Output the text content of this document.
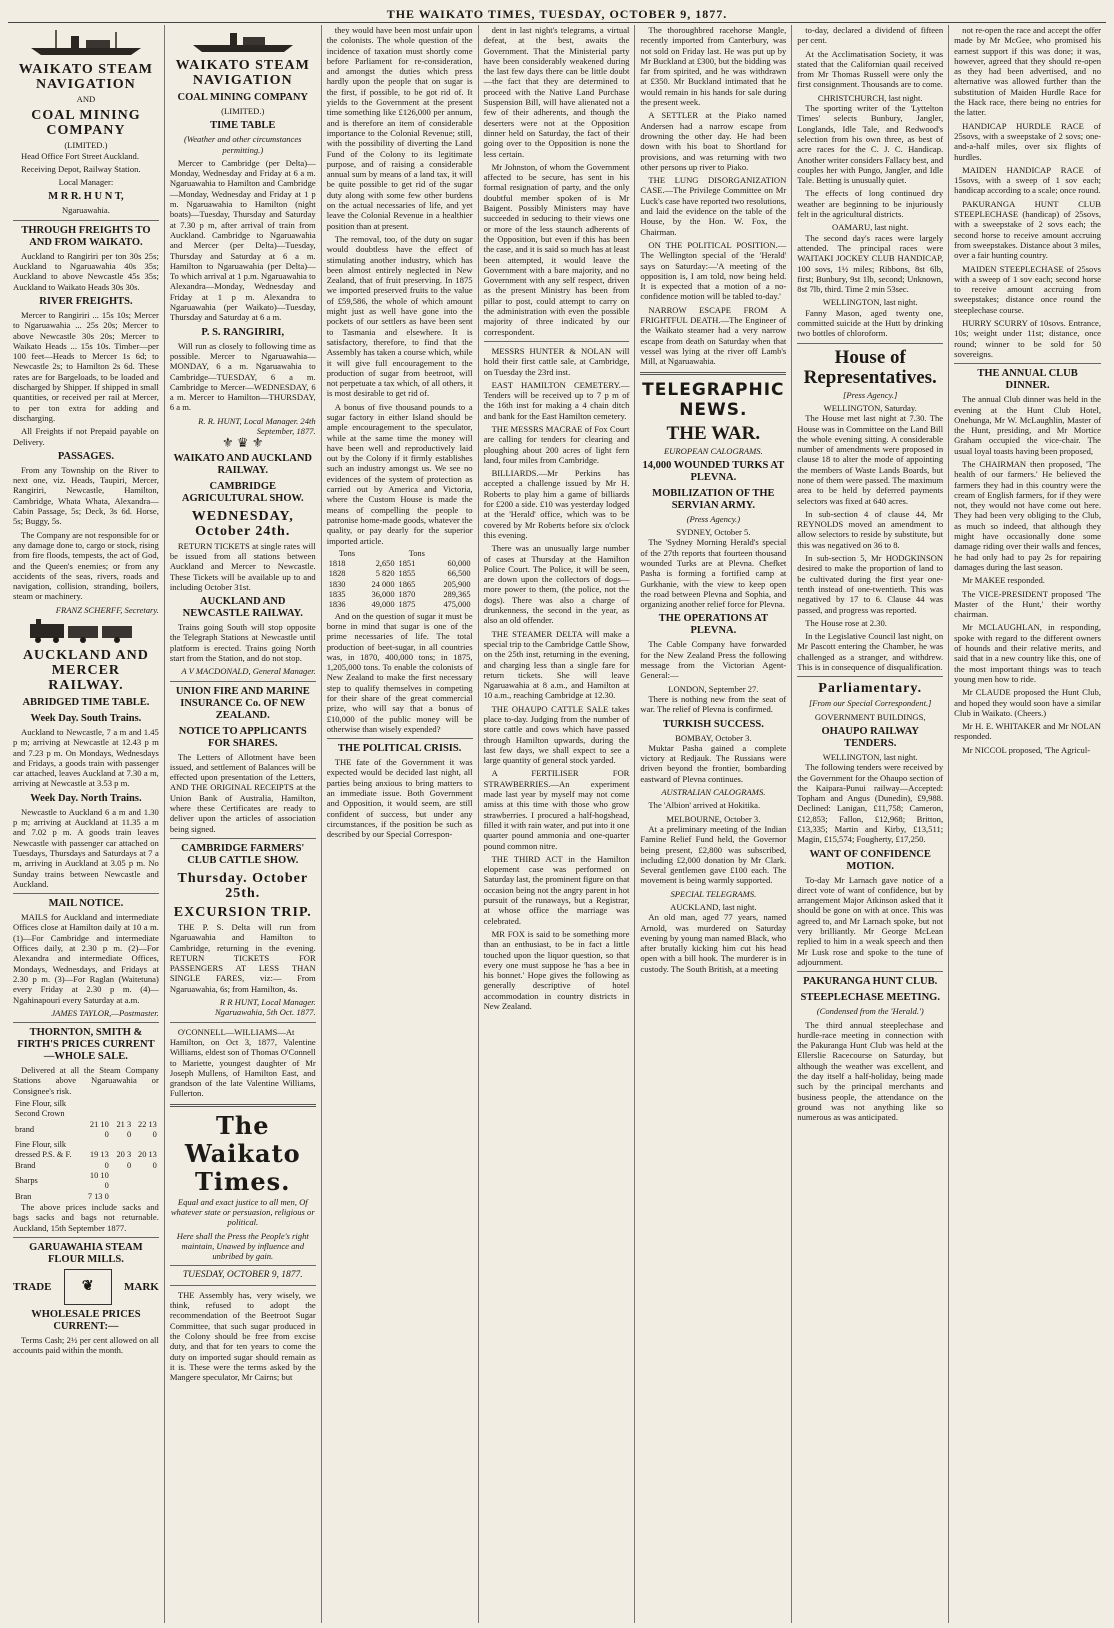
THE WAIKATO TIMES, TUESDAY, OCTOBER 9, 1877.
WAIKATO STEAM NAVIGATION
AND
COAL MINING COMPANY
(LIMITED.)

Head Office Fort Street Auckland.

Receiving Depot, Railway Station.

Local Manager:
M R R. H U N T,
Ngaruawahia.
THROUGH FREIGHTS TO AND FROM WAIKATO.

Auckland to Rangiriri per ton 30s 25s; Auckland to Ngaruawahia 40s 35s; Auckland to above Newcastle 45s 35s; Auckland to Waikato Heads 30s 30s.

RIVER FREIGHTS.

Mercer to Rangiriri ... 15s 10s; Mercer to Ngaruawahia ... 25s 20s; Mercer to above Newcastle 30s 20s; Mercer to Waikato Heads ... 15s 10s. Timber—per 100 feet—Heads to Mercer 1s 6d; to Newcastle 2s; to Hamilton 2s 6d. These rates are for Bargeloads, to be loaded and discharged by Shipper. If shipped in small quantities, or received per rail at Mercer, to per ton extra for adding and discharging.

All Freights if not Prepaid payable on Delivery.

PASSAGES.

From any Township on the River to next one, viz. Heads, Taupiri, Mercer, Rangiriri, Newcastle, Hamilton, Cambridge, Whata Whata, Alexandra—Cabin Passage, 5s; Deck, 3s 6d. Horse, 5s; Buggy, 5s.

The Company are not responsible for or any damage done to, cargo or stock, rising from fire floods, tempests, the act of God, and the Queen's enemies; or from any accidents of the seas, rivers, roads and navigation, collision, stranding, boilers, steam or machinery.

FRANZ SCHERFF, Secretary.
AUCKLAND AND MERCER RAILWAY.
ABRIDGED TIME TABLE.
Week Day. South Trains.

Auckland to Newcastle, 7 a m and 1.45 p m; arriving at Newcastle at 12.43 p m and 7.23 p m. On Mondays, Wednesdays and Fridays, a goods train with passenger car attached, leaves Auckland at 7.30 a m, arriving at Newcastle at 3.53 p m.

Week Day. North Trains.

Newcastle to Auckland 6 a m and 1.30 p m; arriving at Auckland at 11.35 a m and 7.02 p m. A goods train leaves Newcastle with passenger car attached on Tuesdays, Thursdays and Saturdays at 7 a m, arriving in Auckland at 3.05 p m. No Sunday trains between Newcastle and Auckland.

MAIL NOTICE.

MAILS for Auckland and intermediate Offices close at Hamilton daily at 10 a m. (1)—For Cambridge and intermediate Offices daily, at 2.30 p m. (2)—For Alexandra and intermediate Offices, Mondays, Wednesdays, and Fridays at 2.30 p m. (3)—For Raglan (Waitetuna) every Friday at 2.30 p m. (4)—Ngahinapouri every Saturday at a.m.

JAMES TAYLOR,—Postmaster.
THORNTON, SMITH & FIRTH'S PRICES CURRENT—WHOLE SALE.

Delivered at all the Steam Company Stations above Ngaruawahia or Consignee's risk.

Fine Flour, silk			
Second Crown			
brand	21 10 0	21 3 0	22 13 0
Fine Flour, silk			
dressed P.S. & F. Brand	19 13 0	20 3 0	20 13 0
Sharps	10 10 0		
Bran	7 13 0		

The above prices include sacks and bags sacks and bags not returnable. Auckland, 15th September 1877.

GARUAWAHIA STEAM FLOUR MILLS.
TRADE	❦	MARK
WHOLESALE PRICES CURRENT:—

Terms Cash; 2½ per cent allowed on all accounts paid within the month.

WAIKATO STEAM NAVIGATION
COAL MINING COMPANY
(LIMITED.)
TIME TABLE
(Weather and other circumstances permitting.)

Mercer to Cambridge (per Delta)—Monday, Wednesday and Friday at 6 a m. Ngaruawahia to Hamilton and Cambridge—Monday, Wednesday and Friday at 1 p m. Ngaruawahia to Hamilton (night boats)—Tuesday, Thursday and Saturday at 7.30 p m, after arrival of train from Auckland. Cambridge to Ngaruawahia and Mercer (per Delta)—Tuesday, Thursday and Saturday at 6 a m. Hamilton to Ngaruawahia (per Delta)—To which arrival at 1 p.m. Ngaruawahia to Alexandra—Monday, Wednesday and Friday at 1 p m. Alexandra to Ngaruawahia (per Waikato)—Tuesday, Thursday and Saturday at 6 a m.

P. S. RANGIRIRI,

Will run as closely to following time as possible. Mercer to Ngaruawahia—MONDAY, 6 a m. Ngaruawahia to Cambridge—TUESDAY, 6 a m. Cambridge to Mercer—WEDNESDAY, 6 a m. Mercer to Hamilton—THURSDAY, 6 a m.

R. R. HUNT, Local Manager. 24th September, 1877.
⚜ ♛ ⚜
WAIKATO AND AUCKLAND RAILWAY.
CAMBRIDGE AGRICULTURAL SHOW.
WEDNESDAY, October 24th.

RETURN TICKETS at single rates will be issued from all stations between Auckland and Mercer to Newcastle. These Tickets will be available up to and including October 31st.

AUCKLAND AND NEWCASTLE RAILWAY.

Trains going South will stop opposite the Telegraph Stations at Newcastle until platform is erected. Trains going North start from the Station, and do not stop.

A V MACDONALD, General Manager.
UNION FIRE AND MARINE INSURANCE Co. OF NEW ZEALAND.
NOTICE TO APPLICANTS FOR SHARES.

The Letters of Allotment have been issued, and settlement of Balances will be effected upon presentation of the Letters, AND THE ORIGINAL RECEIPTS at the Union Bank of Australia, Hamilton, where these Certificates are ready to deliver upon the articles of association being signed.

CAMBRIDGE FARMERS' CLUB CATTLE SHOW.
Thursday. October 25th.
EXCURSION TRIP.

THE P. S. Delta will run from Ngaruawahia and Hamilton to Cambridge, returning in the evening. RETURN TICKETS FOR PASSENGERS AT LESS THAN SINGLE FARES, viz:— From Ngaruawahia, 6s; from Hamilton, 4s.

R R HUNT, Local Manager. Ngaruawahia, 5th Oct. 1877.

O'CONNELL—WILLIAMS—At Hamilton, on Oct 3, 1877, Valentine Williams, eldest son of Thomas O'Connell to Mariette, youngest daughter of Mr Joseph Mullens, of Hamilton East, and grandson of the late Valentine Williams, Fullerton.

The Waikato Times.
Equal and exact justice to all men, Of whatever state or persuasion, religious or political.
Here shall the Press the People's right maintain, Unawed by influence and unbribed by gain.
TUESDAY, OCTOBER 9, 1877.

THE Assembly has, very wisely, we think, refused to adopt the recommendation of the Beetroot Sugar Committee, that such sugar produced in the Colony should be free from excise duty, and that for ten years to come the duty on imported sugar should remain as it is. These were the terms asked by the Mangere speculator, Mr Cairns; but

they would have been most unfair upon the colonists. The whole question of the incidence of taxation must shortly come before Parliament for re-consideration, and amongst the duties which press hardly upon the people that on sugar is the first, if possible, to be got rid of. It yields to the Government at the present time something like £126,000 per annum, and is therefore an item of considerable importance to the Colonial Revenue; still, with the possibility of diverting the Land Fund of the Colony to its legitimate purpose, and of raising a considerable annual sum by means of a land tax, it will be quite possible to get rid of the sugar duty along with some few other burdens on the actual necessaries of life, and yet leave the Colonial Revenue in a healthier position than at present.

The removal, too, of the duty on sugar would doubtless have the effect of stimulating another industry, which has been almost entirely neglected in New Zealand, that of fruit preserving. In 1875 we imported preserved fruits to the value of £59,586, the whole of which amount might just as well have gone into the pockets of our settlers as have been sent to Tasmania and elsewhere. It is satisfactory, therefore, to find that the Assembly has taken a course which, while it will give full encouragement to the production of sugar from beetroot, will not perpetuate a tax which, of all others, it is most desirable to get rid of.

A bonus of five thousand pounds to a sugar factory in either Island should be ample encouragement to the speculator, while at the same time the money will have been well and reproductively laid out by the Colony if it firmly establishes such an industry amongst us. We see no evidences of the system of protection as carried out by America and Victoria, where the Custom House is made the means of compelling the people to patronise home-made goods, whatever the quality, or pay dearly for the superior imported article.

Tons		Tons	
1818	2,650	1851	60,000
1828	5 820	1855	66,500
1830	24 000	1865	205,900
1835	36,000	1870	289,365
1836	49,000	1875	475,000

And on the question of sugar it must be borne in mind that sugar is one of the prime necessaries of life. The total production of beet-sugar, in all countries was, in 1870, 400,000 tons; in 1875, 1,205,000 tons. To enable the colonists of New Zealand to make the first necessary step to qualify themselves in competing for their share of the great commercial prize, who will say that a bonus of £10,000 of the public money will be otherwise than wisely expended?

THE POLITICAL CRISIS.

THE fate of the Government it was expected would be decided last night, all parties being anxious to bring matters to an immediate issue. Both Government and Opposition, it would seem, are still confident of success, but under any circumstances, if the position be such as described by our Special Correspon-

dent in last night's telegrams, a virtual defeat, at the best, awaits the Government. That the Ministerial party have been considerably weakened during the last few days there can be little doubt—the fact that they are determined to proceed with the Native Land Purchase Suspension Bill, will have alienated not a few of their adherents, and though the deserters were not at the Opposition dinner held on Saturday, the fact of their going over to the Opposition is none the less certain.

Mr Johnston, of whom the Government affected to be secure, has sent in his formal resignation of party, and the only doubtful member spoken of is Mr Baigent. Possibly Ministers may have succeeded in seducing to their views one or more of the less staunch adherents of the Opposition, but even if this has been the case, and it is said so much has at least been attempted, it would leave the Government with a bare majority, and no Government with any self respect, driven as the present Ministry has been from pillar to post, could attempt to carry on the administration with even the possible majority of three indicated by our correspondent.

MESSRS HUNTER & NOLAN will hold their first cattle sale, at Cambridge, on Tuesday the 23rd inst.

EAST HAMILTON CEMETERY.—Tenders will be received up to 7 p m of the 16th inst for making a 4 chain ditch and bank for the East Hamilton cemetery.

THE MESSRS MACRAE of Fox Court are calling for tenders for clearing and ploughing about 200 acres of light fern land, four miles from Cambridge.

BILLIARDS.—Mr Perkins has accepted a challenge issued by Mr H. Roberts to play him a game of billiards for £200 a side. £10 was yesterday lodged at the 'Herald' office, which was to be covered by Mr Roberts before six o'clock this evening.

There was an unusually large number of cases at Thursday at the Hamilton Police Court. The Police, it will be seen, are down upon the collectors of dogs—more power to them, (the police, not the dogs). There was also a charge of drunkenness, the second in the year, as also an old offender.

THE STEAMER DELTA will make a special trip to the Cambridge Cattle Show, on the 25th inst, returning in the evening, and charging less than a single fare for return tickets. She will leave Ngaruawahia at 8 a.m., and Hamilton at 10 a.m., reaching Cambridge at 12.30.

THE OHAUPO CATTLE SALE takes place to-day. Judging from the number of store cattle and cows which have passed through Hamilton upwards, during the last few days, we shall expect to see a large quantity of general stock yarded.

A FERTILISER FOR STRAWBERRIES.—An experiment made last year by myself may not come amiss at this time with those who grow strawberries. I procured a half-hogshead, filled it with rain water, and put into it one quarter pound ammonia and one-quarter pound common nitre.

THE THIRD ACT in the Hamilton elopement case was performed on Saturday last, the prominent figure on that occasion being not the angry parent in hot pursuit of the runaways, but a Registrar, at whose office the marriage was celebrated.

MR FOX is said to be something more than an enthusiast, to be in fact a little touched upon the liquor question, so that every one must suppose he 'has a bee in his bonnet.' Hope gives the following as generally descriptive of hotel accommodation in country districts in New Zealand.

The thoroughbred racehorse Mangle, recently imported from Canterbury, was not sold on Friday last. He was put up by Mr Buckland at £300, but the bidding was far from spirited, and he was withdrawn at £350. Mr Buckland intimated that he would remain in his hands for sale during the present week.

A SETTLER at the Piako named Andersen had a narrow escape from drowning the other day. He had been down with his boat to Shortland for provisions, and was returning with two other persons up river to Piako.

THE LUNG DISORGANIZATION CASE.—The Privilege Committee on Mr Luck's case have reported two resolutions, and laid the evidence on the table of the House, by the Hon. W. Fox, the Chairman.

ON THE POLITICAL POSITION.—The Wellington special of the 'Herald' says on Saturday:—'A meeting of the opposition is, I am told, now being held. It is expected that a motion of a no-confidence motion will be tabled to-day.'

NARROW ESCAPE FROM A FRIGHTFUL DEATH.—The Engineer of the Waikato steamer had a very narrow escape from death on Saturday when that vessel was lying at the river off Lamb's Mill, at Ngaruawahia.

TELEGRAPHIC NEWS.
THE WAR.
EUROPEAN CALOGRAMS.
14,000 WOUNDED TURKS AT PLEVNA.
MOBILIZATION OF THE SERVIAN ARMY.
(Press Agency.)
SYDNEY, October 5.

The 'Sydney Morning Herald's special of the 27th reports that fourteen thousand wounded Turks are at Plevna. Chefket Pasha is forming a fortified camp at Gurkhanie, with the view to keep open the road between Plevna and Sophia, and organizing another relief force for Plevna.

THE OPERATIONS AT PLEVNA.

The Cable Company have forwarded for the New Zealand Press the following message from the Victorian Agent-General:—

LONDON, September 27.

There is nothing new from the seat of war. The relief of Plevna is confirmed.

TURKISH SUCCESS.
BOMBAY, October 3.

Muktar Pasha gained a complete victory at Redjauk. The Russians were driven beyond the frontier, bombarding eastward of Plevna continues.

AUSTRALIAN CALOGRAMS.

The 'Albion' arrived at Hokitika.

MELBOURNE, October 3.

At a preliminary meeting of the Indian Famine Relief Fund held, the Governor being present, £2,800 was subscribed, including £2,000 donation by Mr Clark. Several gentlemen gave £100 each. The movement is being warmly supported.

SPECIAL TELEGRAMS.
AUCKLAND, last night.

An old man, aged 77 years, named Arnold, was murdered on Saturday evening by young man named Black, who after brutally kicking him cut his head open with a bill hook. The murderer is in custody. The South British, at a meeting

to-day, declared a dividend of fifteen per cent.

At the Acclimatisation Society, it was stated that the Californian quail received from Mr Thomas Russell were only the first consignment. Thousands are to come.

CHRISTCHURCH, last night.

The sporting writer of the 'Lyttelton Times' selects Bunbury, Jangler, Longlands, Idle Tale, and Redwood's selection from his own three, as best of acre races for the C. J. C. Handicap. Another writer considers Fallacy best, and couples her with Pungo, Jangler, and Idle Tale. Betting is unusually quiet.

The effects of long continued dry weather are beginning to be injuriously felt in the agricultural districts.

OAMARU, last night.

The second day's races were largely attended. The principal races were WAITAKI JOCKEY CLUB HANDICAP, 100 sovs, 1½ miles; Ribbons, 8st 6lb, first; Bunbury, 9st 1lb, second; Unknown, 8st 7lb, third. Time 2 min 53sec.

WELLINGTON, last night.

Fanny Mason, aged twenty one, committed suicide at the Hutt by drinking two bottles of chloroform.

House of Representatives.
[Press Agency.]
WELLINGTON, Saturday.

The House met last night at 7.30. The House was in Committee on the Land Bill the whole evening sitting. A considerable number of amendments were proposed in clause 18 to alter the mode of appointing the members of Waste Lands Boards, but none of them were passed. The maximum area to be held by deferred payments selectors was fixed at 640 acres.

In sub-section 4 of clause 44, Mr REYNOLDS moved an amendment to allow selectors to reside by substitute, but this was negatived on 36 to 8.

In sub-section 5, Mr HODGKINSON desired to make the proportion of land to be cultivated during the first year one-tenth instead of one-twentieth. This was negatived by 17 to 6. Clause 44 was passed, and progress was reported.

The House rose at 2.30.

In the Legislative Council last night, on Mr Pascott entering the Chamber, he was challenged as a stranger, and withdrew. This is in consequence of disqualification.

Parliamentary.
[From our Special Correspondent.]
GOVERNMENT BUILDINGS,
OHAUPO RAILWAY TENDERS.
WELLINGTON, last night.

The following tenders were received by the Government for the Ohaupo section of the Kaipara-Punui railway—Accepted: Topham and Angus (Dunedin), £9,988. Declined: Lanigan, £11,758; Cameron, £12,853; Fallon, £12,968; Britton, £13,335; Martin and Kirby, £13,511; Magin, £15,574; Fougherty, £17,250.

WANT OF CONFIDENCE MOTION.

To-day Mr Larnach gave notice of a direct vote of want of confidence, but by arrangement Major Atkinson asked that it should be gone on with at once. This was agreed to, and Mr Larnach spoke, but not very brilliantly. Mr George McLean replied to him in a weak speech and then Mr Lusk rose and spoke to the tune of adjournment.

PAKURANGA HUNT CLUB.
STEEPLECHASE MEETING.
(Condensed from the 'Herald.')

The third annual steeplechase and hurdle-race meeting in connection with the Pakuranga Hunt Club was held at the Ellerslie Racecourse on Saturday, but although the weather was excellent, and the day itself a half-holiday, being made such by the principal merchants and business people, the attendance on the ground was not anything like so numerous as was anticipated.

not re-open the race and accept the offer made by Mr McGee, who promised his earnest support if this was done; it was, however, agreed that they should re-open as they had been advertised, and no alternative was allowed further than the substitution of Maiden Hurdle Race for the Hack race, there being no entries for the latter.

HANDICAP HURDLE RACE of 25sovs, with a sweepstake of 2 sovs; one-and-a-half miles, over six flights of hurdles.

MAIDEN HANDICAP RACE of 15sovs, with a sweep of 1 sov each; handicap according to a scale; once round.

PAKURANGA HUNT CLUB STEEPLECHASE (handicap) of 25sovs, with a sweepstake of 2 sovs each; the second horse to receive amount accruing from sweepstakes. Distance about 3 miles, over a fair hunting country.

MAIDEN STEEPLECHASE of 25sovs with a sweep of 1 sov each; second horse to receive amount accruing from sweepstakes; distance once round the steeplechase course.

HURRY SCURRY of 10sovs. Entrance, 10s; weight under 11st; distance, once round; winner to be sold for 50 sovereigns.

THE ANNUAL CLUB DINNER.

The annual Club dinner was held in the evening at the Hunt Club Hotel, Onehunga, Mr W. McLaughlin, Master of the Hunt, presiding, and Mr Mortice Graham occupied the vice-chair. The usual loyal toasts having been proposed,

The CHAIRMAN then proposed, 'The health of our farmers.' He believed the farmers they had in this country were the cream of English farmers, for if they were not, they would not have come out here. They had been very obliging to the Club, as much so indeed, that although they might have occasionally done some damage riding over their walls and fences, he had only had to pay 2s for repairing damages during the last season.

Mr MAKEE responded.

The VICE-PRESIDENT proposed 'The Master of the Hunt,' their worthy chairman.

Mr MCLAUGHLAN, in responding, spoke with regard to the different owners of hounds and their relative merits, and said that in a new country like this, one of the most important things was to teach young men how to ride.

Mr CLAUDE proposed the Hunt Club, and hoped they would soon have a similar Club in Waikato. (Cheers.)

Mr H. E. WHITAKER and Mr NOLAN responded.

Mr NICCOL proposed, 'The Agricul-
